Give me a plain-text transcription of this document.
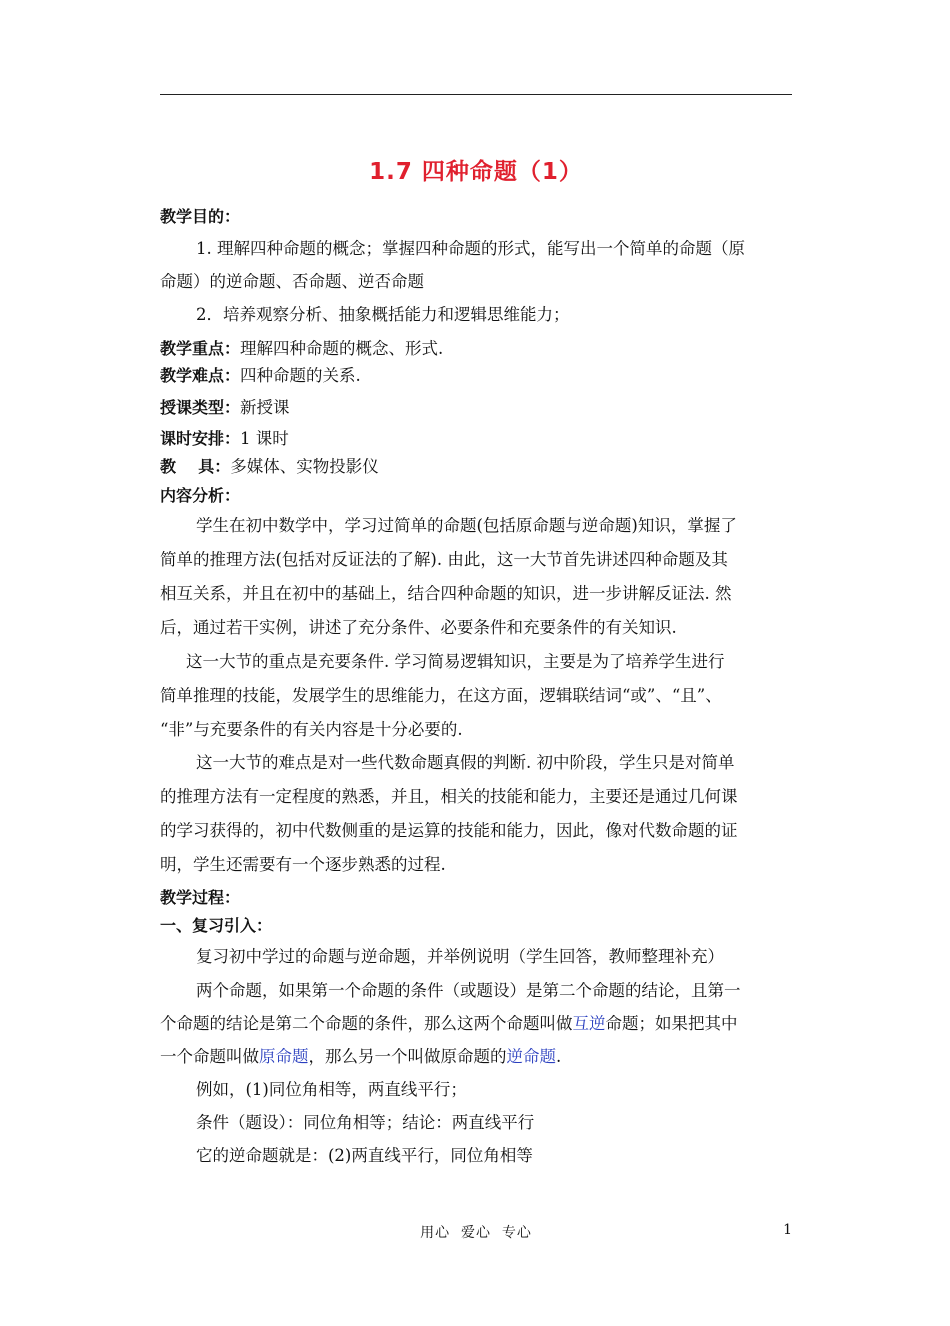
1.7 四种命题（1）
教学目的：
1. 理解四种命题的概念；掌握四种命题的形式，能写出一个简单的命题（原
命题）的逆命题、否命题、逆否命题
2．培养观察分析、抽象概括能力和逻辑思维能力；
教学重点：理解四种命题的概念、形式.
教学难点：四种命题的关系.
授课类型：新授课
课时安排：1 课时
教    具：多媒体、实物投影仪
内容分析：
学生在初中数学中，学习过简单的命题(包括原命题与逆命题)知识，掌握了
简单的推理方法(包括对反证法的了解). 由此，这一大节首先讲述四种命题及其
相互关系，并且在初中的基础上，结合四种命题的知识，进一步讲解反证法. 然
后，通过若干实例，讲述了充分条件、必要条件和充要条件的有关知识.
这一大节的重点是充要条件. 学习简易逻辑知识，主要是为了培养学生进行
简单推理的技能，发展学生的思维能力，在这方面，逻辑联结词“或”、“且”、
“非”与充要条件的有关内容是十分必要的.
这一大节的难点是对一些代数命题真假的判断. 初中阶段，学生只是对简单
的推理方法有一定程度的熟悉，并且，相关的技能和能力，主要还是通过几何课
的学习获得的，初中代数侧重的是运算的技能和能力，因此，像对代数命题的证
明，学生还需要有一个逐步熟悉的过程.
教学过程：
一、复习引入：
复习初中学过的命题与逆命题，并举例说明（学生回答，教师整理补充）
两个命题，如果第一个命题的条件（或题设）是第二个命题的结论，且第一
个命题的结论是第二个命题的条件，那么这两个命题叫做互逆命题；如果把其中
一个命题叫做原命题，那么另一个叫做原命题的逆命题.
例如，(1)同位角相等，两直线平行；
条件（题设）：同位角相等；结论：两直线平行
它的逆命题就是：(2)两直线平行，同位角相等
用心  爱心  专心	1
